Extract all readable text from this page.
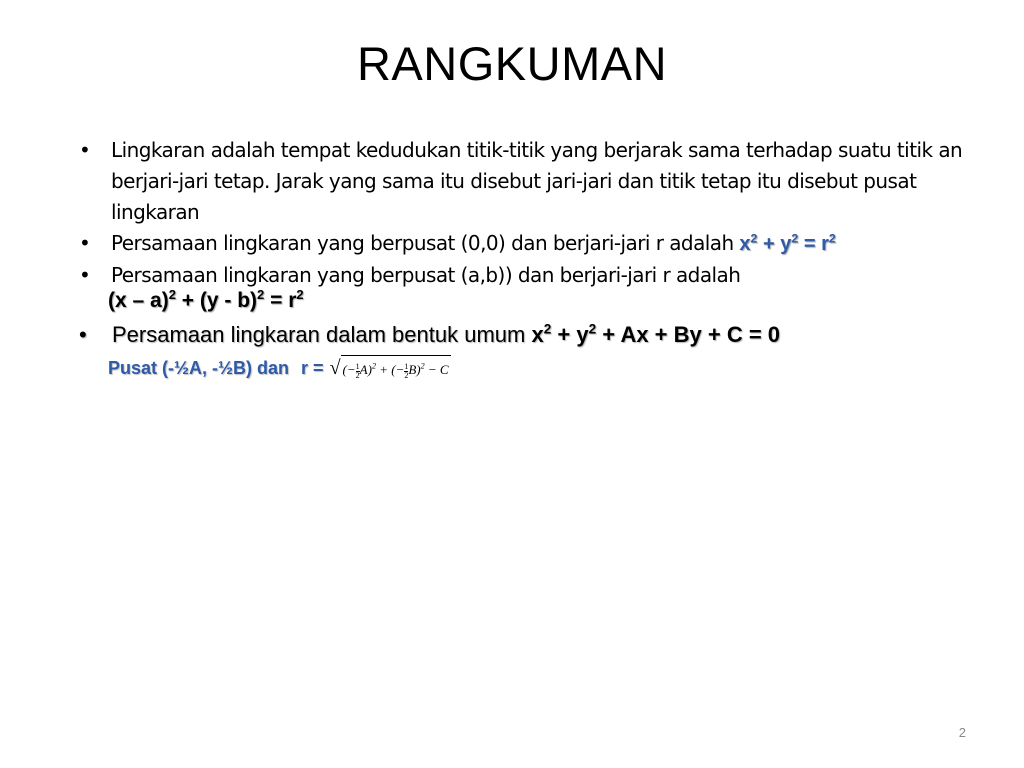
RANGKUMAN
• Lingkaran adalah tempat kedudukan titik-titik yang berjarak sama terhadap suatu titik an berjari-jari tetap. Jarak yang sama itu disebut jari-jari dan titik tetap itu disebut pusat lingkaran
• Persamaan lingkaran yang berpusat (0,0) dan berjari-jari r adalah $x^2 + y^2 = r^2$
• Persamaan lingkaran yang berpusat (a,b)) dan berjari-jari r adalah
$(x - a)^2 + (y - b)^2 = r^2$
• Persamaan lingkaran dalam bentuk umum $x^2 + y^2 + Ax + By + C = 0$
Pusat (-½A, -½B) dan r = √ (− $\frac{1}{2} A)^2$ + (− $\frac{1}{2} B)^2 - C$
2
